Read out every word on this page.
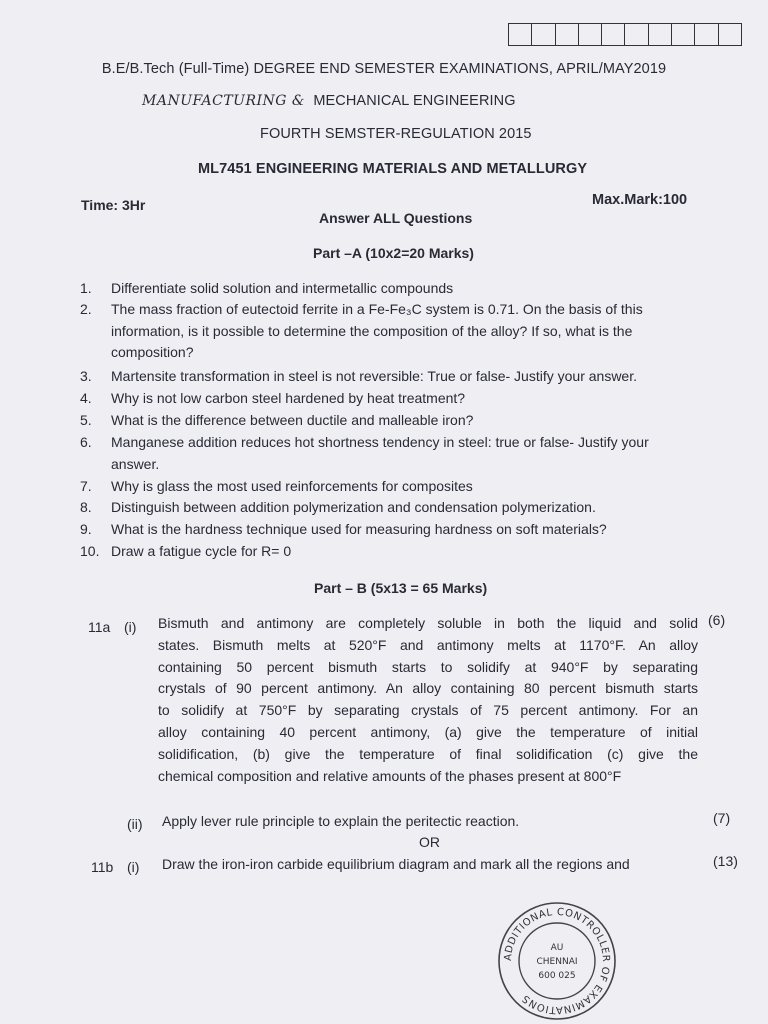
B.E/B.Tech (Full-Time) DEGREE END SEMESTER EXAMINATIONS, APRIL/MAY2019
MANUFACTURING & MECHANICAL ENGINEERING
FOURTH SEMSTER-REGULATION 2015
ML7451 ENGINEERING MATERIALS AND METALLURGY
Time: 3Hr	Max.Mark:100
Answer ALL Questions
Part –A (10x2=20 Marks)
1.	Differentiate solid solution and intermetallic compounds
2.	The mass fraction of eutectoid ferrite in a Fe-Fe₃C system is 0.71. On the basis of this
information, is it possible to determine the composition of the alloy? If so, what is the
composition?
3.	Martensite transformation in steel is not reversible: True or false- Justify your answer.
4.	Why is not low carbon steel hardened by heat treatment?
5.	What is the difference between ductile and malleable iron?
6.	Manganese addition reduces hot shortness tendency in steel: true or false- Justify your
answer.
7.	Why is glass the most used reinforcements for composites
8.	Distinguish between addition polymerization and condensation polymerization.
9.	What is the hardness technique used for measuring hardness on soft materials?
10. Draw a fatigue cycle for R= 0
Part – B (5x13 = 65 Marks)
11a (i) Bismuth and antimony are completely soluble in both the liquid and solid
states. Bismuth melts at 520°F and antimony melts at 1170°F. An alloy
containing 50 percent bismuth starts to solidify at 940°F by separating
crystals of 90 percent antimony. An alloy containing 80 percent bismuth starts
to solidify at 750°F by separating crystals of 75 percent antimony. For an
alloy containing 40 percent antimony, (a) give the temperature of initial
solidification, (b) give the temperature of final solidification (c) give the
chemical composition and relative amounts of the phases present at 800°F
(6)
(ii) Apply lever rule principle to explain the peritectic reaction.	(7)
OR
11b (i) Draw the iron-iron carbide equilibrium diagram and mark all the regions and	(13)
ADDITIONAL CONTROLLER OF EXAMINATIONS
AU
CHENNAI
600 025
